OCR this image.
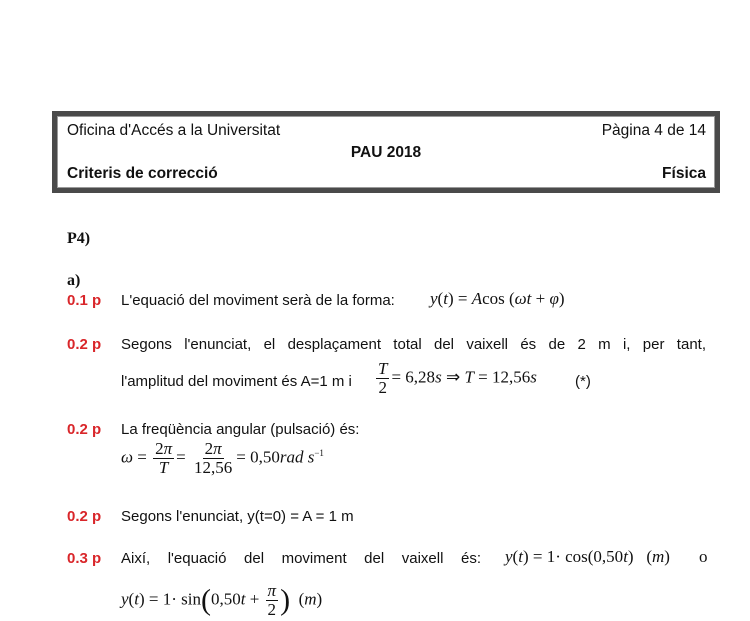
Oficina d'Accés a la Universitat	Pàgina 4 de 14
PAU 2018
Criteris de correcció	Física
P4)
a)
0.1 p L'equació del moviment serà de la forma: y(t) = Acos (ωt + φ)
0.2 p Segons l'enunciat, el desplaçament total del vaixell és de 2 m i, per tant,
l'amplitud del moviment és A=1 m i $\frac{T}{2} = 6,28s$ ⇒ T = 12,56s	(*)
0.2 p La freqüència angular (pulsació) és:
$\omega = \frac{2\pi}{T} = \frac{2\pi}{12,56} = 0,50rad$ $s^{-1}$
0.2 p Segons l'enunciat, y(t=0) = A = 1 m
0.3 p Així, l'equació del moviment del vaixell és: y(t) = 1· cos(0,50t)   (m) o
$y(t) = 1\cdot \sin(0,50t + \frac{\pi}{2}$ )  (m)
